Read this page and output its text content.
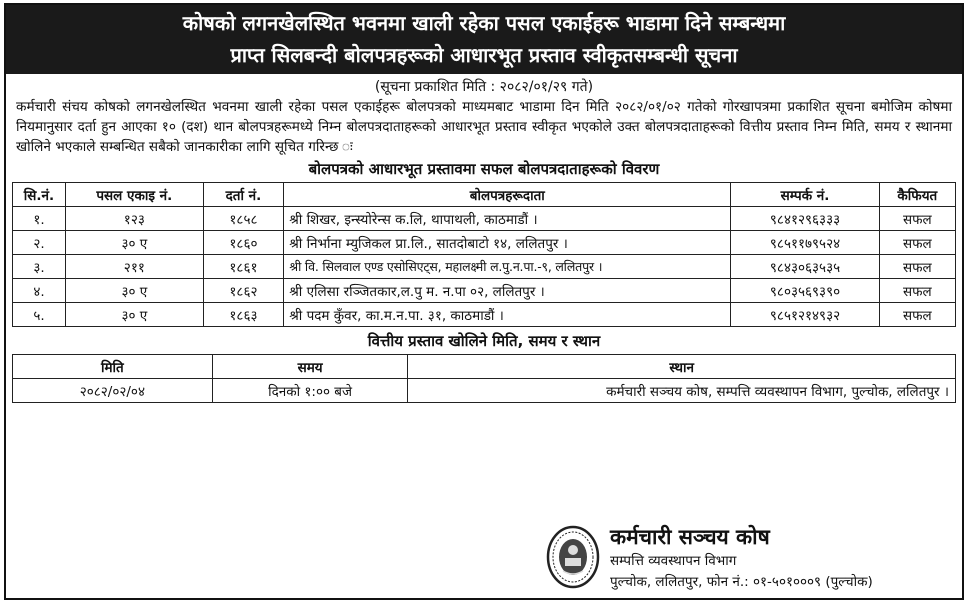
कोषको लगनखेलस्थित भवनमा खाली रहेका पसल एकाईहरू भाडामा दिने सम्बन्धमा
प्राप्त सिलबन्दी बोलपत्रहरूको आधारभूत प्रस्ताव स्वीकृतसम्बन्धी सूचना
(सूचना प्रकाशित मिति : २०८२/०१/२९ गते)
कर्मचारी संचय कोषको लगनखेलस्थित भवनमा खाली रहेका पसल एकाईहरू बोलपत्रको माध्यमबाट भाडामा दिन मिति २०८२/०१/०२ गतेको गोरखापत्रमा प्रकाशित सूचना बमोजिम कोषमा नियमानुसार दर्ता हुन आएका १० (दश) थान बोलपत्रहरूमध्ये निम्न बोलपत्रदाताहरूको आधारभूत प्रस्ताव स्वीकृत भएकोले उक्त बोलपत्रदाताहरूको वित्तीय प्रस्ताव निम्न मिति, समय र स्थानमा खोलिने भएकाले सम्बन्धित सबैको जानकारीका लागि सूचित गरिन्छ ः
बोलपत्रको आधारभूत प्रस्तावमा सफल बोलपत्रदाताहरूको विवरण
सि.नं.	पसल एकाइ नं.	दर्ता नं.	बोलपत्रहरूदाता	सम्पर्क नं.	कैफियत
१.	१२३	१८५८	श्री शिखर, इन्स्योरेन्स क.लि, थापाथली, काठमाडौं ।	९८४१२९६३३३	सफल
२.	३० ए	१८६०	श्री निर्भाना म्युजिकल प्रा.लि., सातदोबाटो १४, ललितपुर ।	९८५११७९५२४	सफल
३.	२११	१८६१	श्री वि. सिलवाल एण्ड एसोसिएट्स, महालक्ष्मी ल.पु.न.पा.-९, ललितपुर ।	९८४३०६३५३५	सफल
४.	३० ए	१८६२	श्री एलिसा रञ्जितकार,ल.पु म. न.पा ०२, ललितपुर ।	९८०३५६९३९०	सफल
५.	३० ए	१८६३	श्री पदम कुँवर, का.म.न.पा. ३१, काठमाडौं ।	९८५१२१४९३२	सफल
वित्तीय प्रस्ताव खोलिने मिति, समय र स्थान
मिति	समय	स्थान
२०८२/०२/०४	दिनको १:०० बजे	कर्मचारी सञ्चय कोष, सम्पत्ति व्यवस्थापन विभाग, पुल्चोक, ललितपुर ।
कर्मचारी सञ्चय कोष
सम्पत्ति व्यवस्थापन विभाग
पुल्चोक, ललितपुर, फोन नं.: ०१-५०१०००९ (पुल्चोक)
